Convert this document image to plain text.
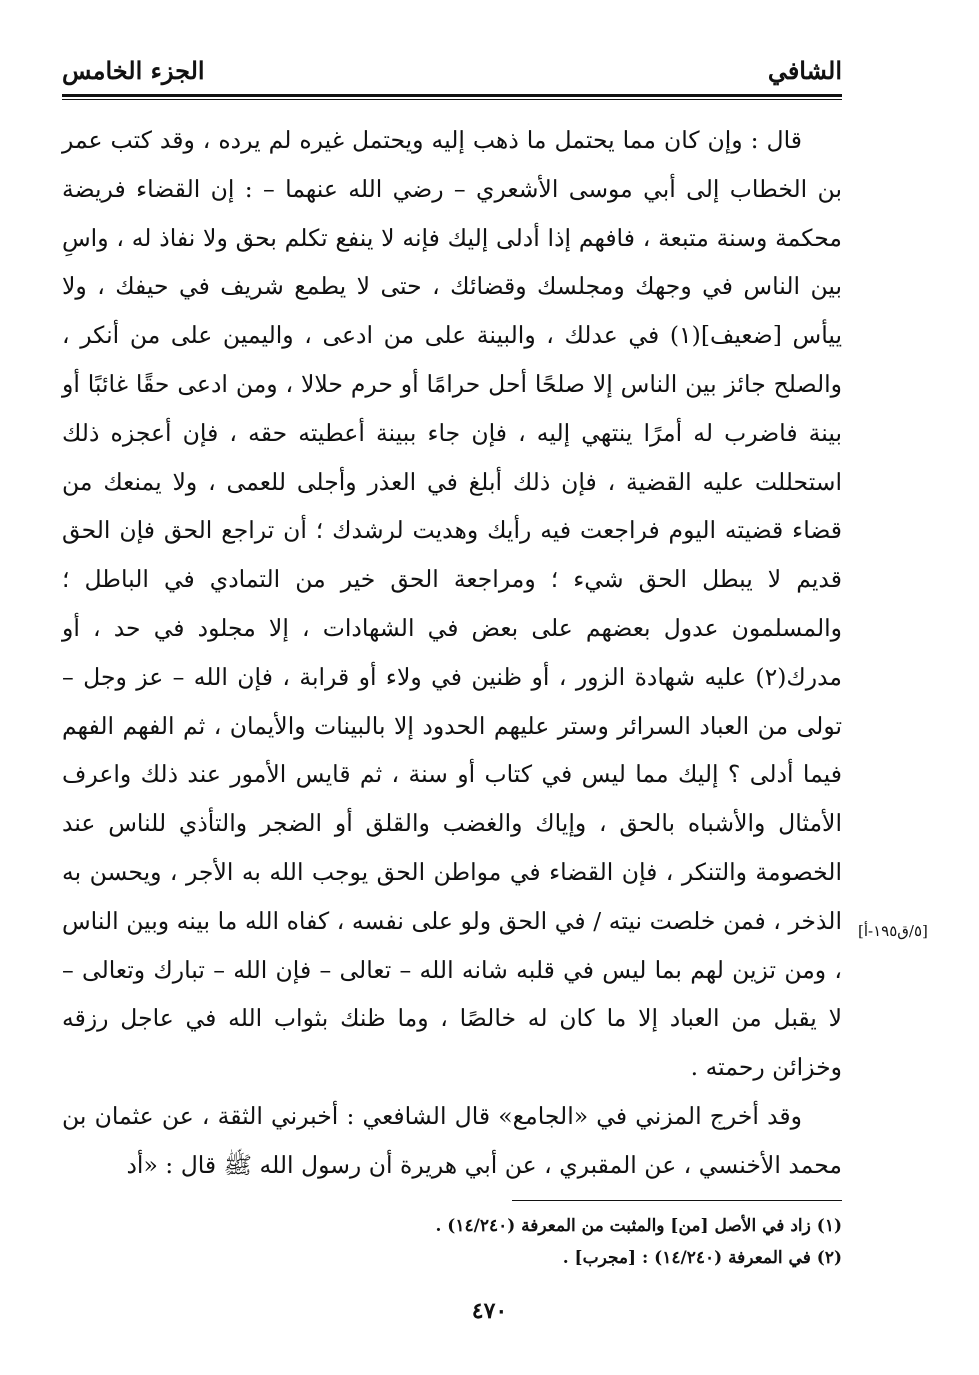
الشافي
الجزء الخامس

قال : وإن كان مما يحتمل ما ذهب إليه ويحتمل غيره لم يرده ، وقد كتب عمر بن الخطاب إلى أبي موسى الأشعري – رضي الله عنهما – : إن القضاء فريضة محكمة وسنة متبعة ، فافهم إذا أدلى إليك فإنه لا ينفع تكلم بحق ولا نفاذ له ، واسِ بين الناس في وجهك ومجلسك وقضائك ، حتى لا يطمع شريف في حيفك ، ولا ييأس [ضعيف](١) في عدلك ، والبينة على من ادعى ، واليمين على من أنكر ، والصلح جائز بين الناس إلا صلحًا أحل حرامًا أو حرم حلالا ، ومن ادعى حقًا غائبًا أو بينة فاضرب له أمرًا ينتهي إليه ، فإن جاء ببينة أعطيته حقه ، فإن أعجزه ذلك استحللت عليه القضية ، فإن ذلك أبلغ في العذر وأجلى للعمى ، ولا يمنعك من قضاء قضيته اليوم فراجعت فيه رأيك وهديت لرشدك ؛ أن تراجع الحق فإن الحق قديم لا يبطل الحق شيء ؛ ومراجعة الحق خير من التمادي في الباطل ؛ والمسلمون عدول بعضهم على بعض في الشهادات ، إلا مجلود في حد ، أو مدرك(٢) عليه شهادة الزور ، أو ظنين في ولاء أو قرابة ، فإن الله – عز وجل – تولى من العباد السرائر وستر عليهم الحدود إلا بالبينات والأيمان ، ثم الفهم الفهم فيما أدلى ؟ إليك مما ليس في كتاب أو سنة ، ثم قايس الأمور عند ذلك واعرف الأمثال والأشباه بالحق ، وإياك والغضب والقلق أو الضجر والتأذي للناس عند الخصومة والتنكر ، فإن القضاء في مواطن الحق يوجب الله به الأجر ، ويحسن به الذخر ، فمن خلصت نيته / في الحق ولو على نفسه ، كفاه الله ما بينه وبين الناس ، ومن تزين لهم بما ليس في قلبه شانه الله – تعالى – فإن الله – تبارك وتعالى – لا يقبل من العباد إلا ما كان له خالصًا ، وما ظنك بثواب الله في عاجل رزقه وخزائن رحمته .

وقد أخرج المزني في «الجامع» قال الشافعي : أخبرني الثقة ، عن عثمان بن محمد الأخنسي ، عن المقبري ، عن أبي هريرة أن رسول الله ﷺ قال : «أد

[٥/ق١٩٥-أ]

(١) زاد في الأصل [من] والمثبت من المعرفة (١٤/٢٤٠) .

(٢) في المعرفة (١٤/٢٤٠) : [مجرب] .

٤٧٠
